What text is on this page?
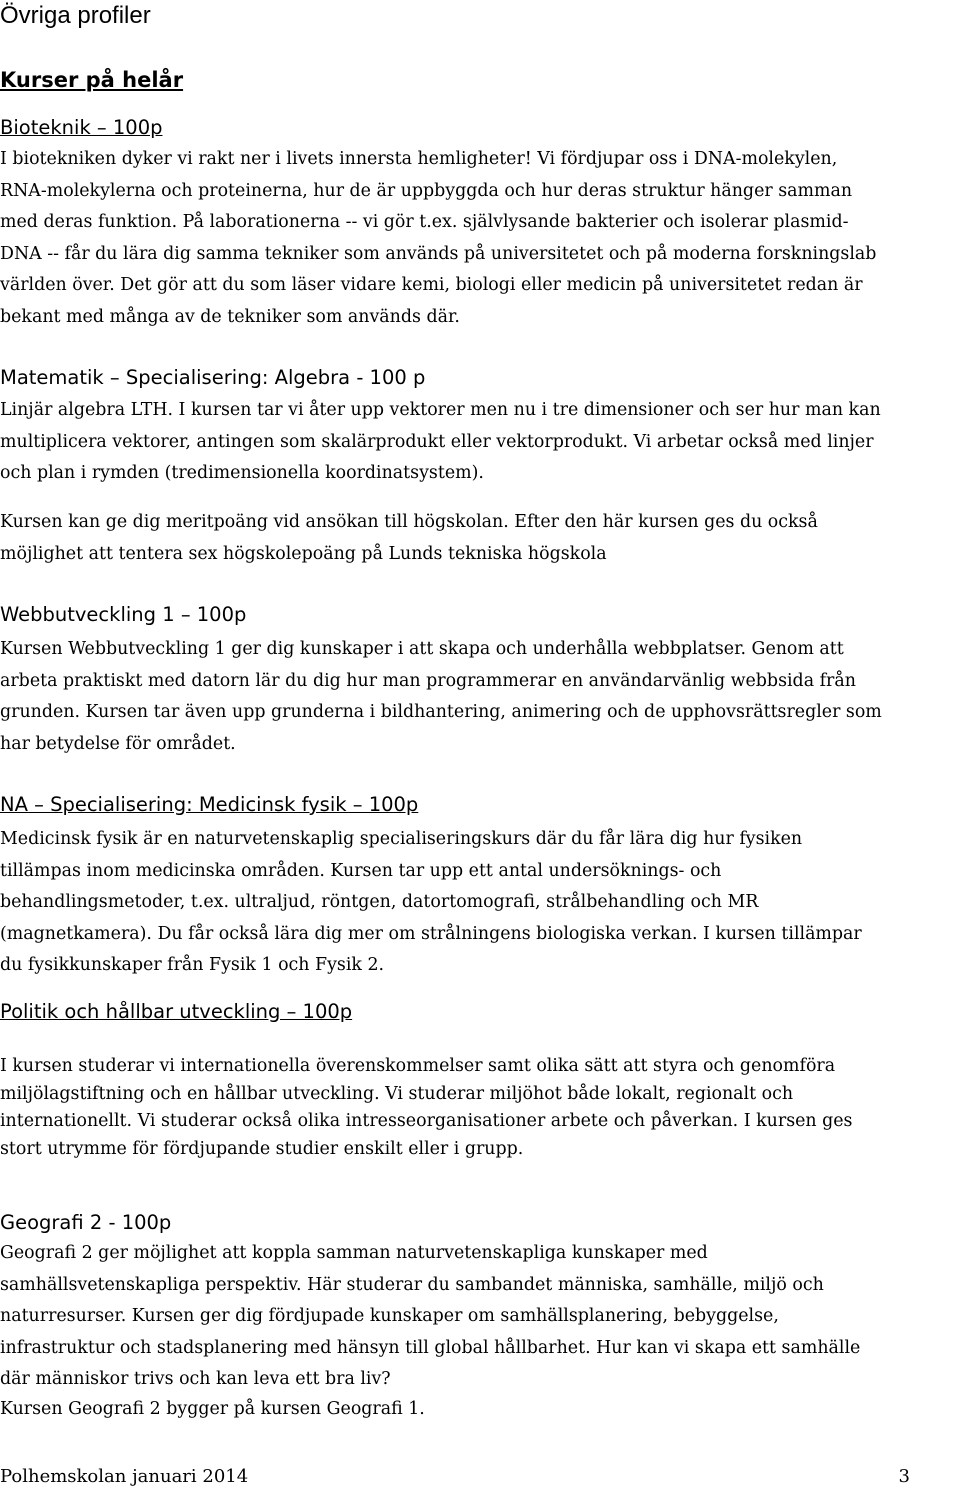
Övriga profiler
Kurser på helår
Bioteknik – 100p
I biotekniken dyker vi rakt ner i livets innersta hemligheter! Vi fördjupar oss i DNA-molekylen,
RNA-molekylerna och proteinerna, hur de är uppbyggda och hur deras struktur hänger samman
med deras funktion. På laborationerna -- vi gör t.ex. självlysande bakterier och isolerar plasmid-
DNA -- får du lära dig samma tekniker som används på universitetet och på moderna forskningslab
världen över. Det gör att du som läser vidare kemi, biologi eller medicin på universitetet redan är
bekant med många av de tekniker som används där.
Matematik – Specialisering: Algebra - 100 p
Linjär algebra LTH. I kursen tar vi åter upp vektorer men nu i tre dimensioner och ser hur man kan
multiplicera vektorer, antingen som skalärprodukt eller vektorprodukt. Vi arbetar också med linjer
och plan i rymden (tredimensionella koordinatsystem).
Kursen kan ge dig meritpoäng vid ansökan till högskolan. Efter den här kursen ges du också
möjlighet att tentera sex högskolepoäng på Lunds tekniska högskola
Webbutveckling 1 – 100p
Kursen Webbutveckling 1 ger dig kunskaper i att skapa och underhålla webbplatser. Genom att
arbeta praktiskt med datorn lär du dig hur man programmerar en användarvänlig webbsida från
grunden. Kursen tar även upp grunderna i bildhantering, animering och de upphovsrättsregler som
har betydelse för området.
NA – Specialisering: Medicinsk fysik – 100p
Medicinsk fysik är en naturvetenskaplig specialiseringskurs där du får lära dig hur fysiken
tillämpas inom medicinska områden. Kursen tar upp ett antal undersöknings- och
behandlingsmetoder, t.ex. ultraljud, röntgen, datortomografi, strålbehandling och MR
(magnetkamera). Du får också lära dig mer om strålningens biologiska verkan. I kursen tillämpar
du fysikkunskaper från Fysik 1 och Fysik 2.
Politik och hållbar utveckling – 100p
I kursen studerar vi internationella överenskommelser samt olika sätt att styra och genomföra
miljölagstiftning och en hållbar utveckling. Vi studerar miljöhot både lokalt, regionalt och
internationellt. Vi studerar också olika intresseorganisationer arbete och påverkan. I kursen ges
stort utrymme för fördjupande studier enskilt eller i grupp.
Geografi 2 - 100p
Geografi 2 ger möjlighet att koppla samman naturvetenskapliga kunskaper med
samhällsvetenskapliga perspektiv. Här studerar du sambandet människa, samhälle, miljö och
naturresurser. Kursen ger dig fördjupade kunskaper om samhällsplanering, bebyggelse,
infrastruktur och stadsplanering med hänsyn till global hållbarhet. Hur kan vi skapa ett samhälle
där människor trivs och kan leva ett bra liv?
Kursen Geografi 2 bygger på kursen Geografi 1.
Polhemskolan januari 2014	3
